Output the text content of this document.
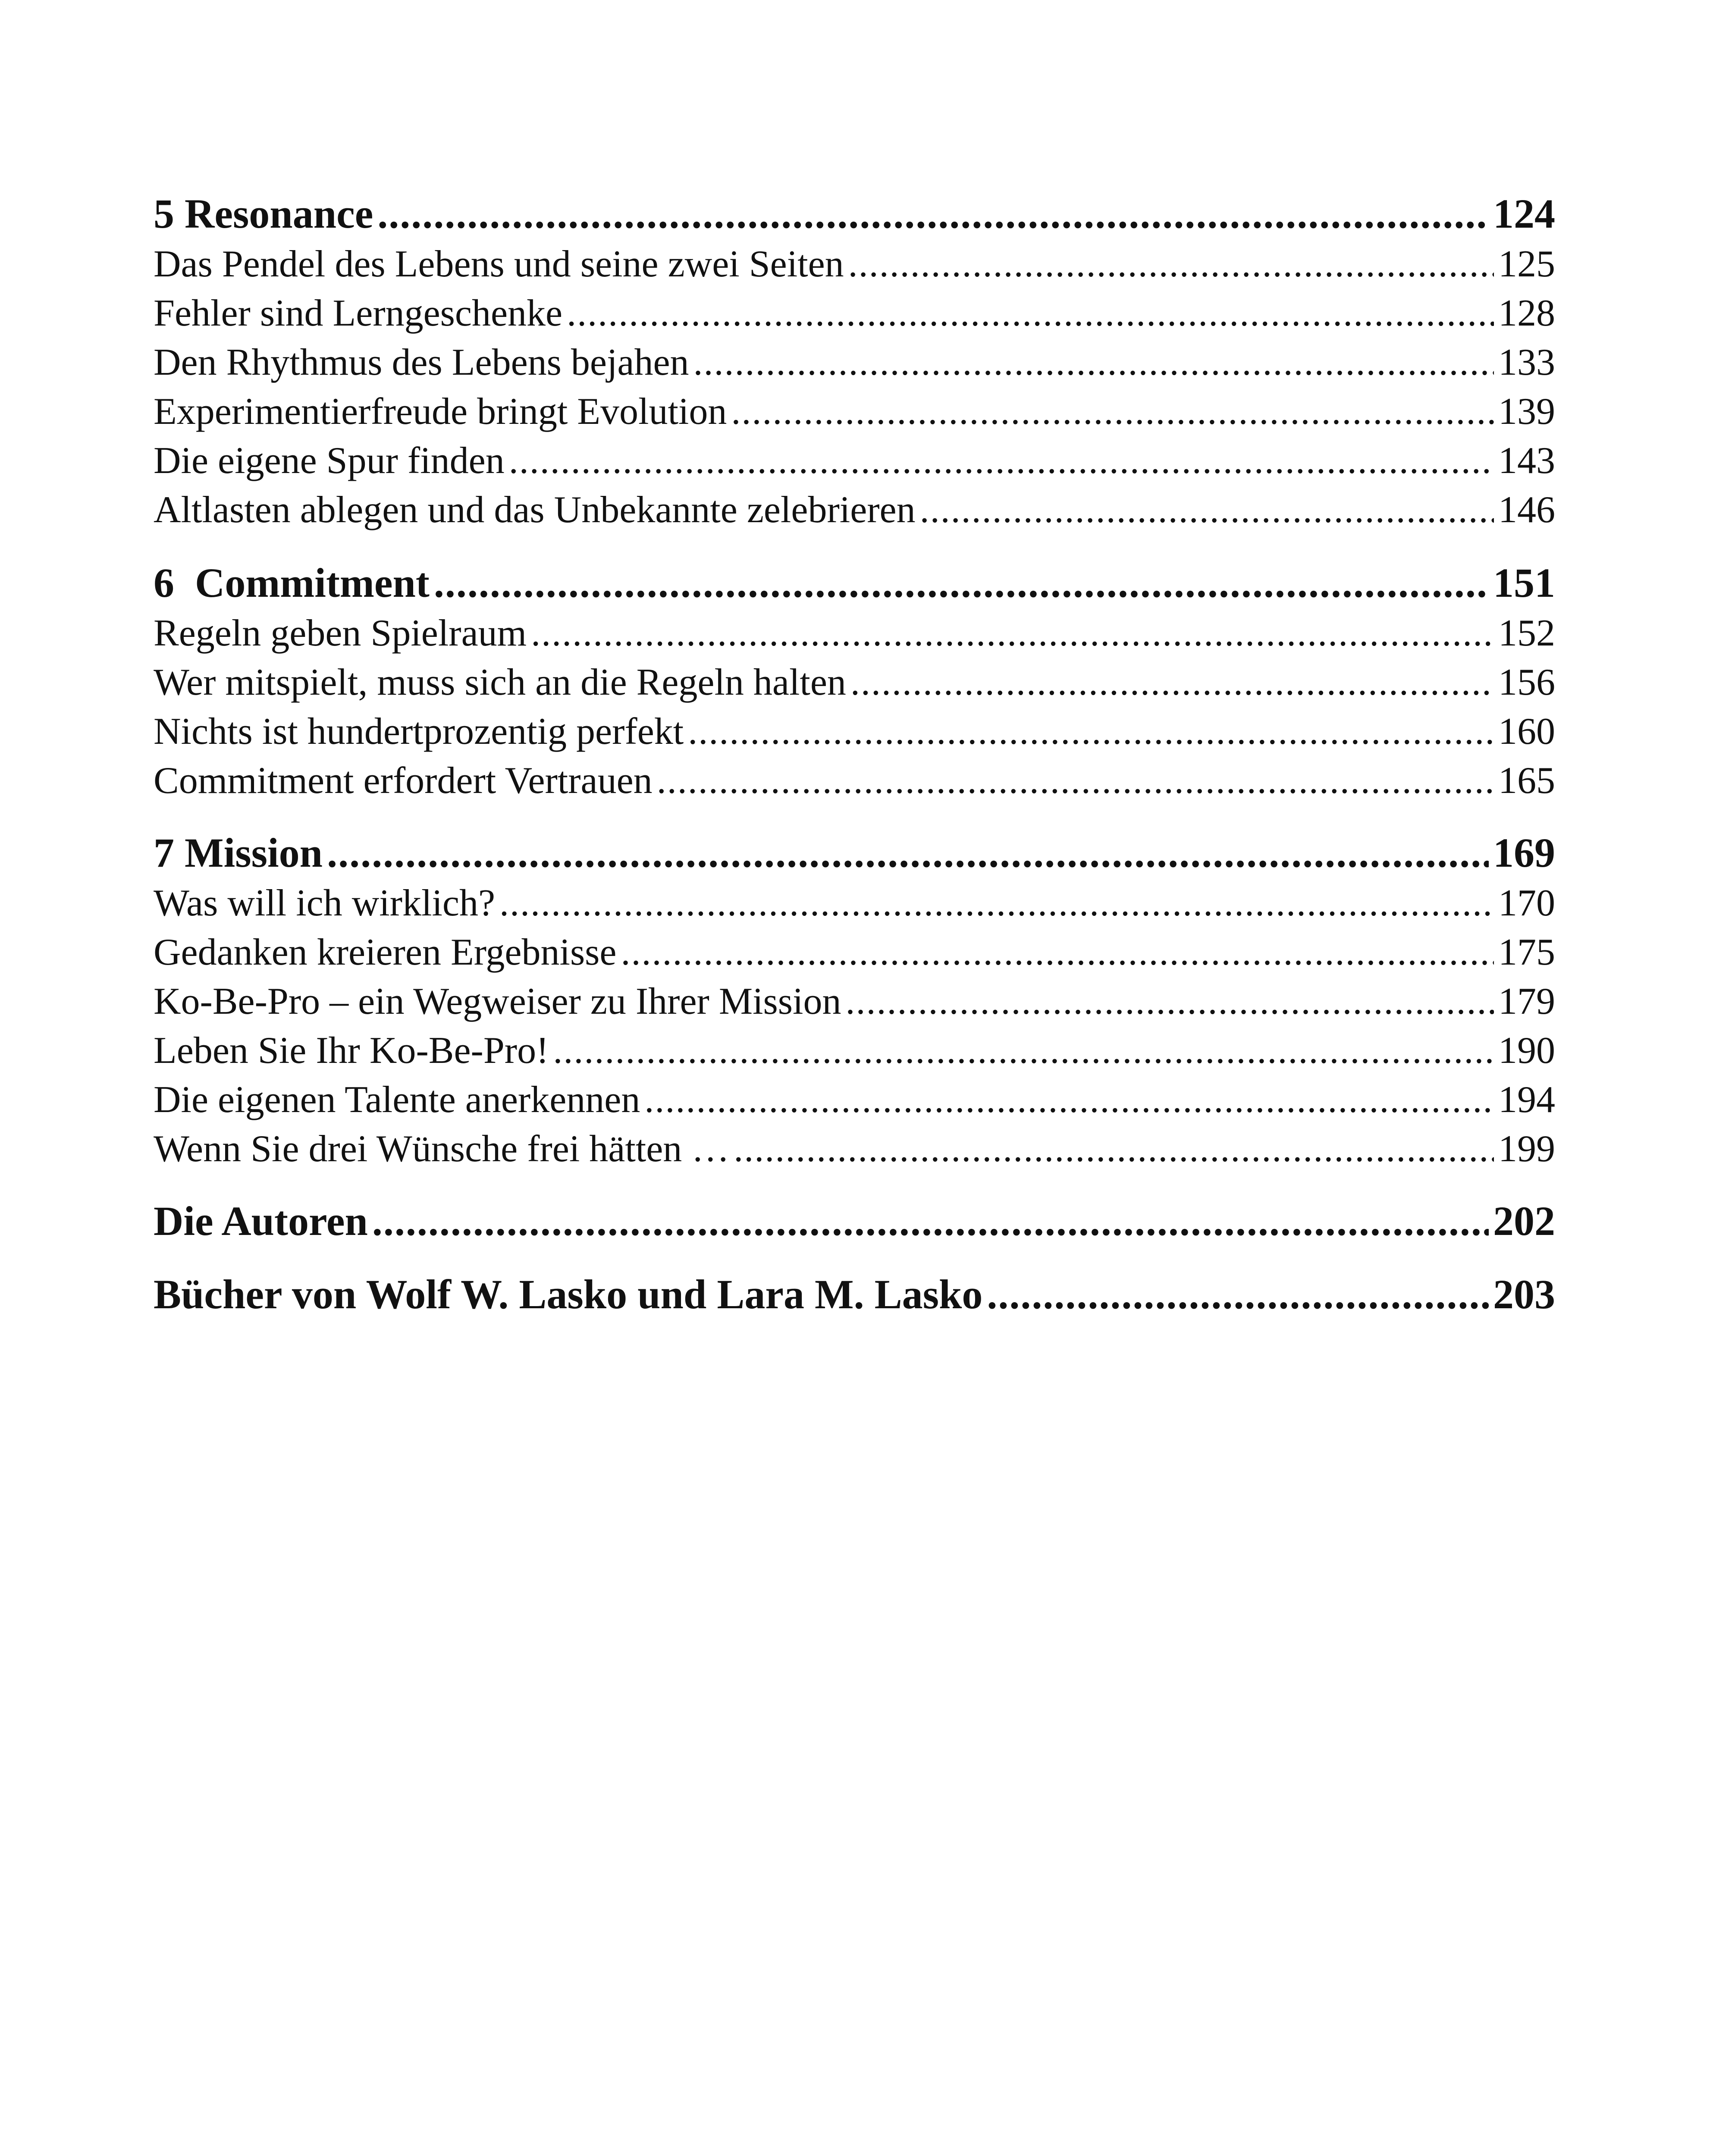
5 Resonance .....	124
Das Pendel des Lebens und seine zwei Seiten .....	125
Fehler sind Lerngeschenke .....	128
Den Rhythmus des Lebens bejahen .....	133
Experimentierfreude bringt Evolution .....	139
Die eigene Spur finden .....	143
Altlasten ablegen und das Unbekannte zelebrieren .....	146
6  Commitment .....	151
Regeln geben Spielraum .....	152
Wer mitspielt, muss sich an die Regeln halten .....	156
Nichts ist hundertprozentig perfekt .....	160
Commitment erfordert Vertrauen .....	165
7 Mission .....	169
Was will ich wirklich? .....	170
Gedanken kreieren Ergebnisse .....	175
Ko-Be-Pro – ein Wegweiser zu Ihrer Mission .....	179
Leben Sie Ihr Ko-Be-Pro! .....	190
Die eigenen Talente anerkennen .....	194
Wenn Sie drei Wünsche frei hätten … .....	199
Die Autoren .....	202
Bücher von Wolf W. Lasko und Lara M. Lasko .....	203
